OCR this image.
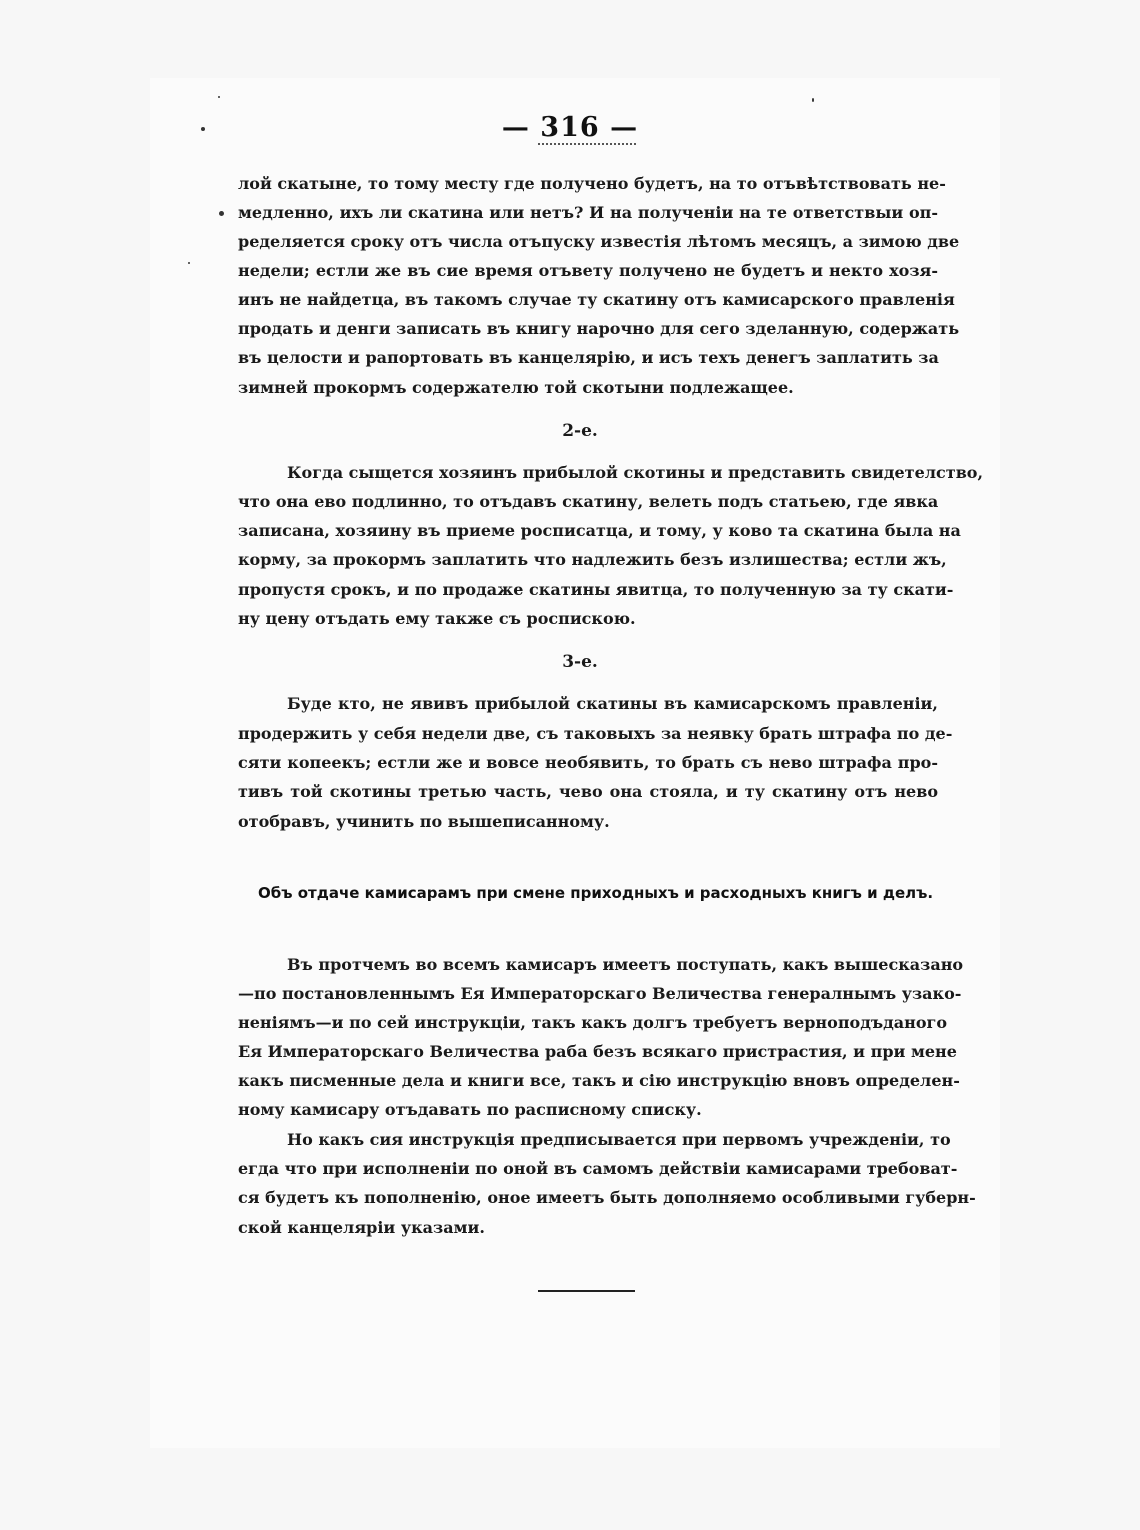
— 316 —
лой скатыне, то тому месту где получено будетъ, на то отъвѣтствовать не-
медленно, ихъ ли скатина или нетъ? И на полученіи на те ответствыи оп-
ределяется сроку отъ числа отъпуску известія лѣтомъ месяцъ, а зимою две
недели; естли же въ сие время отъвету получено не будетъ и некто хозя-
инъ не найдетца, въ такомъ случае ту скатину отъ камисарского правленія
продать и денги записать въ книгу нарочно для сего зделанную, содержать
въ целости и рапортовать въ канцелярію, и исъ техъ денегъ заплатить за
зимней прокормъ содержателю той скотыни подлежащее.
2-е.
Когда сыщется хозяинъ прибылой скотины и представить свидетелство,
что она ево подлинно, то отъдавъ скатину, велеть подъ статьею, где явка
записана, хозяину въ приеме росписатца, и тому, у ково та скатина была на
корму, за прокормъ заплатить что надлежить безъ излишества; естли жъ,
пропустя срокъ, и по продаже скатины явитца, то полученную за ту скати-
ну цену отъдать ему также съ роспискою.
3-е.
Буде кто, не явивъ прибылой скатины въ камисарскомъ правленіи,
продержить у себя недели две, съ таковыхъ за неявку брать штрафа по де-
сяти копеекъ; естли же и вовсе необявить, то брать съ нево штрафа про-
тивъ той скотины третью часть, чево она стояла, и ту скатину отъ нево
отобравъ, учинить по вышеписанному.
Объ отдаче камисарамъ при смене приходныхъ и расходныхъ книгъ и делъ.
Въ протчемъ во всемъ камисаръ имеетъ поступать, какъ вышесказано
—по постановленнымъ Ея Императорскаго Величества генералнымъ узако-
неніямъ—и по сей инструкціи, такъ какъ долгъ требуетъ верноподъданого
Ея Императорскаго Величества раба безъ всякаго пристрастия, и при мене
какъ писменные дела и книги все, такъ и сію инструкцію вновъ определен-
ному камисару отъдавать по расписному списку.
Но какъ сия инструкція предписывается при первомъ учрежденіи, то
егда что при исполненіи по оной въ самомъ действіи камисарами требоват-
ся будетъ къ пополненію, оное имеетъ быть дополняемо особливыми губерн-
ской канцеляріи указами.
